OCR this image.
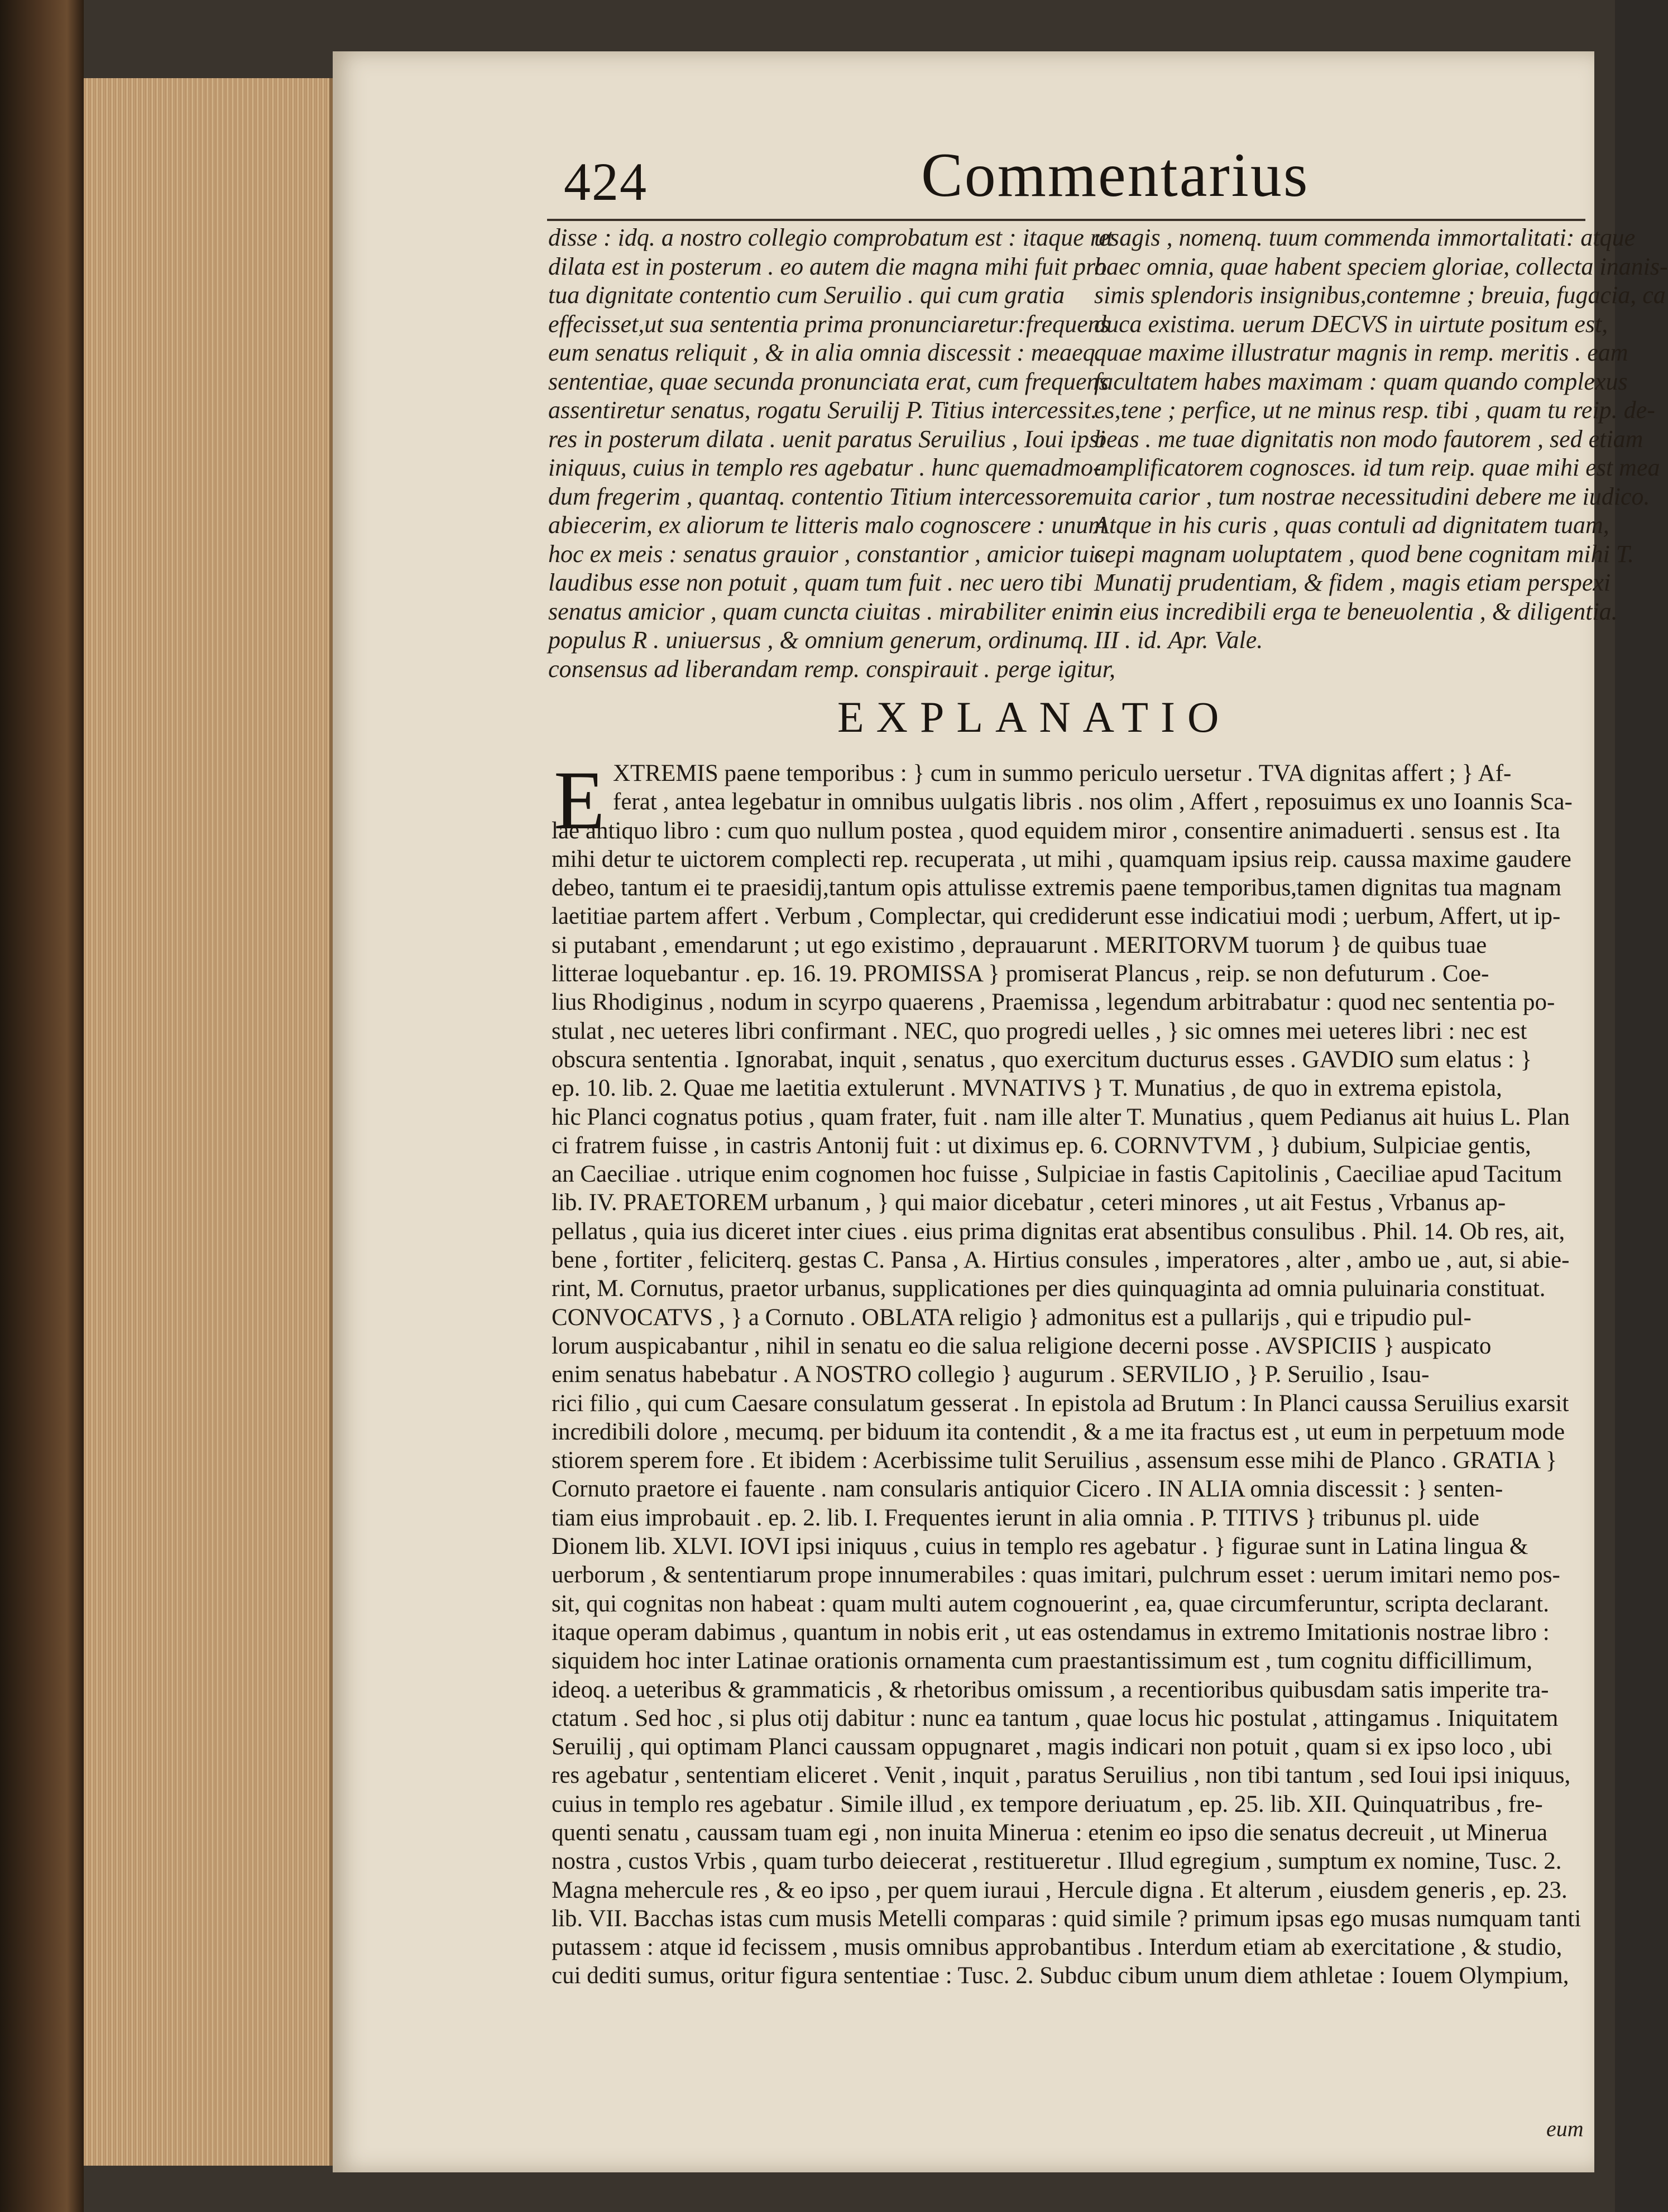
424	Commentarius
disse : idq. a nostro collegio comprobatum est : itaque res
dilata est in posterum . eo autem die magna mihi fuit pro
tua dignitate contentio cum Seruilio . qui cum gratia
effecisset,ut sua sententia prima pronunciaretur:frequens
eum senatus reliquit , & in alia omnia discessit : meaeq.
sententiae, quae secunda pronunciata erat, cum frequens
assentiretur senatus, rogatu Seruilij P. Titius intercessit.
res in posterum dilata . uenit paratus Seruilius , Ioui ipsi
iniquus, cuius in templo res agebatur . hunc quemadmo-
dum fregerim , quantaq. contentio Titium intercessorem
abiecerim, ex aliorum te litteris malo cognoscere : unum
hoc ex meis : senatus grauior , constantior , amicior tuis
laudibus esse non potuit , quam tum fuit . nec uero tibi
senatus amicior , quam cuncta ciuitas . mirabiliter enim
populus R . uniuersus , & omnium generum, ordinumq.
consensus ad liberandam remp. conspirauit . perge igitur,
ut agis , nomenq. tuum commenda immortalitati: atque
haec omnia, quae habent speciem gloriae, collecta inanis-
simis splendoris insignibus,contemne ; breuia, fugacia, ca
duca existima. uerum DECVS in uirtute positum est,
quae maxime illustratur magnis in remp. meritis . eam
facultatem habes maximam : quam quando complexus
es,tene ; perfice, ut ne minus resp. tibi , quam tu reip. de-
beas . me tuae dignitatis non modo fautorem , sed etiam
amplificatorem cognosces. id tum reip. quae mihi est mea
uita carior , tum nostrae necessitudini debere me iudico.
Atque in his curis , quas contuli ad dignitatem tuam,
cepi magnam uoluptatem , quod bene cognitam mihi T.
Munatij prudentiam, & fidem , magis etiam perspexi
in eius incredibili erga te beneuolentia , & diligentia.
III . id. Apr. Vale.
EXPLANATIO
E XTREMIS paene temporibus : } cum in summo periculo uersetur . TVA dignitas affert ; } Af-
ferat , antea legebatur in omnibus uulgatis libris . nos olim , Affert , reposuimus ex uno Ioannis Sca-
lae antiquo libro : cum quo nullum postea , quod equidem miror , consentire animaduerti . sensus est . Ita
mihi detur te uictorem complecti rep. recuperata , ut mihi , quamquam ipsius reip. caussa maxime gaudere
debeo, tantum ei te praesidij,tantum opis attulisse extremis paene temporibus,tamen dignitas tua magnam
laetitiae partem affert . Verbum , Complectar, qui crediderunt esse indicatiui modi ; uerbum, Affert, ut ip-
si putabant , emendarunt ; ut ego existimo , deprauarunt . MERITORVM tuorum } de quibus tuae
litterae loquebantur . ep. 16. 19. PROMISSA } promiserat Plancus , reip. se non defuturum . Coe-
lius Rhodiginus , nodum in scyrpo quaerens , Praemissa , legendum arbitrabatur : quod nec sententia po-
stulat , nec ueteres libri confirmant . NEC, quo progredi uelles , } sic omnes mei ueteres libri : nec est
obscura sententia . Ignorabat, inquit , senatus , quo exercitum ducturus esses . GAVDIO sum elatus : }
ep. 10. lib. 2. Quae me laetitia extulerunt . MVNATIVS } T. Munatius , de quo in extrema epistola,
hic Planci cognatus potius , quam frater, fuit . nam ille alter T. Munatius , quem Pedianus ait huius L. Plan
ci fratrem fuisse , in castris Antonij fuit : ut diximus ep. 6. CORNVTVM , } dubium, Sulpiciae gentis,
an Caeciliae . utrique enim cognomen hoc fuisse , Sulpiciae in fastis Capitolinis , Caeciliae apud Tacitum
lib. IV. PRAETOREM urbanum , } qui maior dicebatur , ceteri minores , ut ait Festus , Vrbanus ap-
pellatus , quia ius diceret inter ciues . eius prima dignitas erat absentibus consulibus . Phil. 14. Ob res, ait,
bene , fortiter , feliciterq. gestas C. Pansa , A. Hirtius consules , imperatores , alter , ambo ue , aut, si abie-
rint, M. Cornutus, praetor urbanus, supplicationes per dies quinquaginta ad omnia puluinaria constituat.
CONVOCATVS , } a Cornuto . OBLATA religio } admonitus est a pullarijs , qui e tripudio pul-
lorum auspicabantur , nihil in senatu eo die salua religione decerni posse . AVSPICIIS } auspicato
enim senatus habebatur . A NOSTRO collegio } augurum . SERVILIO , } P. Seruilio , Isau-
rici filio , qui cum Caesare consulatum gesserat . In epistola ad Brutum : In Planci caussa Seruilius exarsit
incredibili dolore , mecumq. per biduum ita contendit , & a me ita fractus est , ut eum in perpetuum mode
stiorem sperem fore . Et ibidem : Acerbissime tulit Seruilius , assensum esse mihi de Planco . GRATIA }
Cornuto praetore ei fauente . nam consularis antiquior Cicero . IN ALIA omnia discessit : } senten-
tiam eius improbauit . ep. 2. lib. I. Frequentes ierunt in alia omnia . P. TITIVS } tribunus pl. uide
Dionem lib. XLVI. IOVI ipsi iniquus , cuius in templo res agebatur . } figurae sunt in Latina lingua &
uerborum , & sententiarum prope innumerabiles : quas imitari, pulchrum esset : uerum imitari nemo pos-
sit, qui cognitas non habeat : quam multi autem cognouerint , ea, quae circumferuntur, scripta declarant.
itaque operam dabimus , quantum in nobis erit , ut eas ostendamus in extremo Imitationis nostrae libro :
siquidem hoc inter Latinae orationis ornamenta cum praestantissimum est , tum cognitu difficillimum,
ideoq. a ueteribus & grammaticis , & rhetoribus omissum , a recentioribus quibusdam satis imperite tra-
ctatum . Sed hoc , si plus otij dabitur : nunc ea tantum , quae locus hic postulat , attingamus . Iniquitatem
Seruilij , qui optimam Planci caussam oppugnaret , magis indicari non potuit , quam si ex ipso loco , ubi
res agebatur , sententiam eliceret . Venit , inquit , paratus Seruilius , non tibi tantum , sed Ioui ipsi iniquus,
cuius in templo res agebatur . Simile illud , ex tempore deriuatum , ep. 25. lib. XII. Quinquatribus , fre-
quenti senatu , caussam tuam egi , non inuita Minerua : etenim eo ipso die senatus decreuit , ut Minerua
nostra , custos Vrbis , quam turbo deiecerat , restitueretur . Illud egregium , sumptum ex nomine, Tusc. 2.
Magna mehercule res , & eo ipso , per quem iuraui , Hercule digna . Et alterum , eiusdem generis , ep. 23.
lib. VII. Bacchas istas cum musis Metelli comparas : quid simile ? primum ipsas ego musas numquam tanti
putassem : atque id fecissem , musis omnibus approbantibus . Interdum etiam ab exercitatione , & studio,
cui dediti sumus, oritur figura sententiae : Tusc. 2. Subduc cibum unum diem athletae : Iouem Olympium,
eum
